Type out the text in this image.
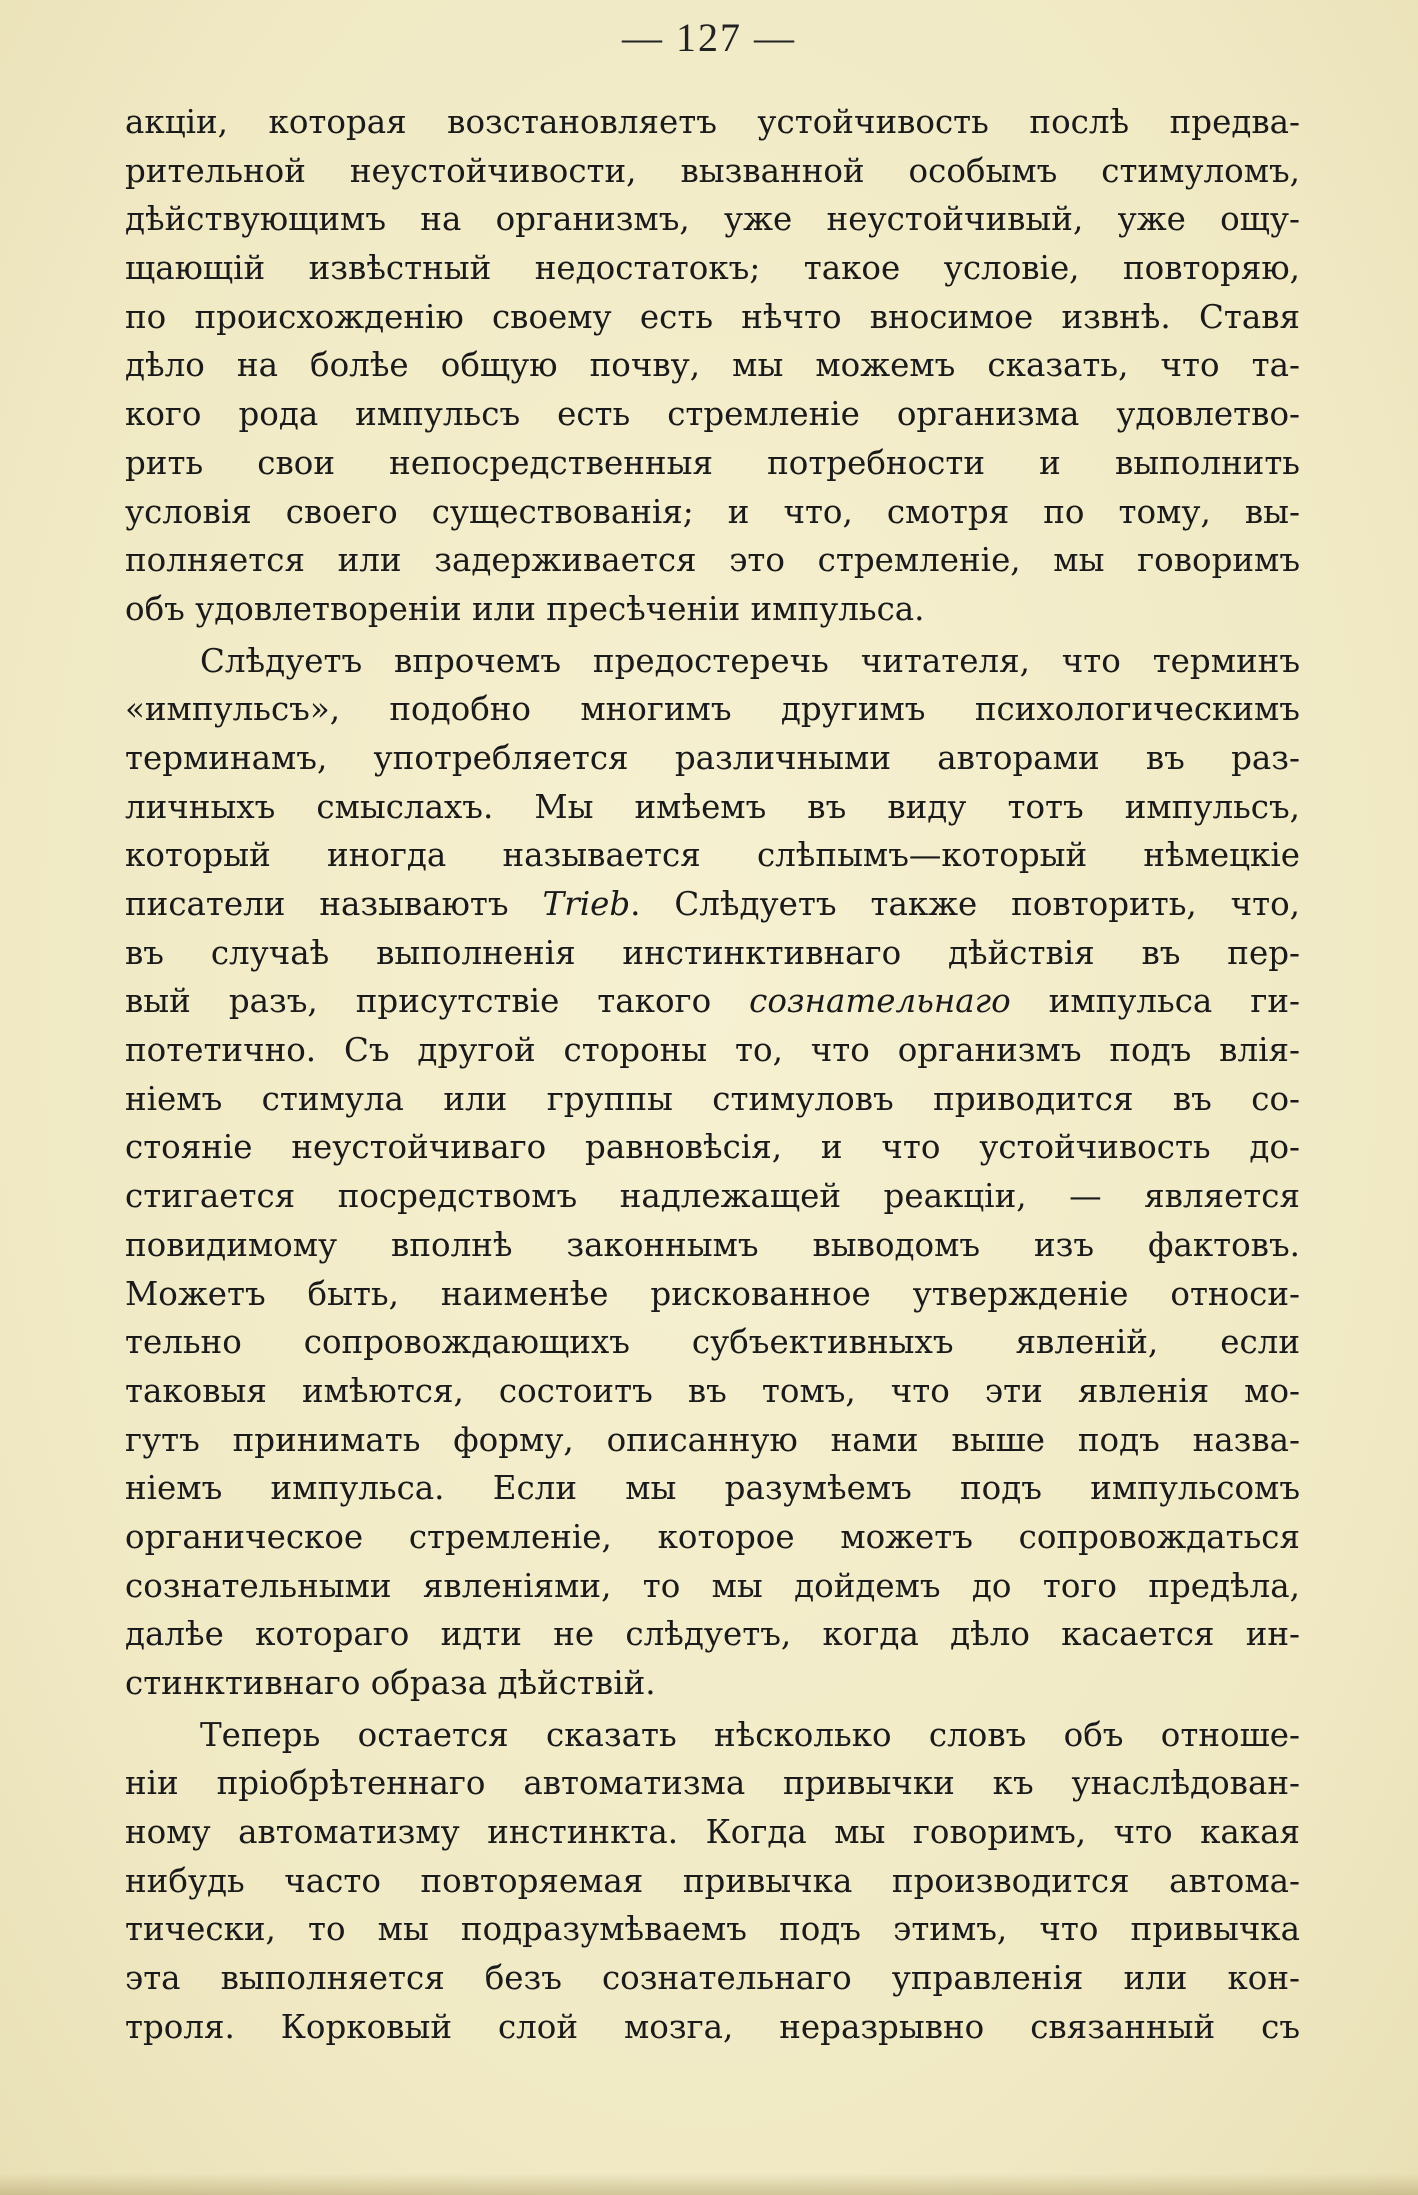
— 127 —
акціи, которая возстановляетъ устойчивость послѣ предва-
рительной неустойчивости, вызванной особымъ стимуломъ,
дѣйствующимъ на организмъ, уже неустойчивый, уже ощу-
щающій извѣстный недостатокъ; такое условіе, повторяю,
по происхожденію своему есть нѣчто вносимое извнѣ. Ставя
дѣло на болѣе общую почву, мы можемъ сказать, что та-
кого рода импульсъ есть стремленіе организма удовлетво-
рить свои непосредственныя потребности и выполнить
условія своего существованія; и что, смотря по тому, вы-
полняется или задерживается это стремленіе, мы говоримъ
объ удовлетвореніи или пресѣченіи импульса.
Слѣдуетъ впрочемъ предостеречь читателя, что терминъ
«импульсъ», подобно многимъ другимъ психологическимъ
терминамъ, употребляется различными авторами въ раз-
личныхъ смыслахъ. Мы имѣемъ въ виду тотъ импульсъ,
который иногда называется слѣпымъ—который нѣмецкіе
писатели называютъ Trieb. Слѣдуетъ также повторить, что,
въ случаѣ выполненія инстинктивнаго дѣйствія въ пер-
вый разъ, присутствіе такого сознательнаго импульса ги-
потетично. Съ другой стороны то, что организмъ подъ влія-
ніемъ стимула или группы стимуловъ приводится въ со-
стояніе неустойчиваго равновѣсія, и что устойчивость до-
стигается посредствомъ надлежащей реакціи, — является
повидимому вполнѣ законнымъ выводомъ изъ фактовъ.
Можетъ быть, наименѣе рискованное утвержденіе относи-
тельно сопровождающихъ субъективныхъ явленій, если
таковыя имѣются, состоитъ въ томъ, что эти явленія мо-
гутъ принимать форму, описанную нами выше подъ назва-
ніемъ импульса. Если мы разумѣемъ подъ импульсомъ
органическое стремленіе, которое можетъ сопровождаться
сознательными явленіями, то мы дойдемъ до того предѣла,
далѣе котораго идти не слѣдуетъ, когда дѣло касается ин-
стинктивнаго образа дѣйствій.
Теперь остается сказать нѣсколько словъ объ отноше-
ніи пріобрѣтеннаго автоматизма привычки къ унаслѣдован-
ному автоматизму инстинкта. Когда мы говоримъ, что какая
нибудь часто повторяемая привычка производится автома-
тически, то мы подразумѣваемъ подъ этимъ, что привычка
эта выполняется безъ сознательнаго управленія или кон-
троля. Корковый слой мозга, неразрывно связанный съ
